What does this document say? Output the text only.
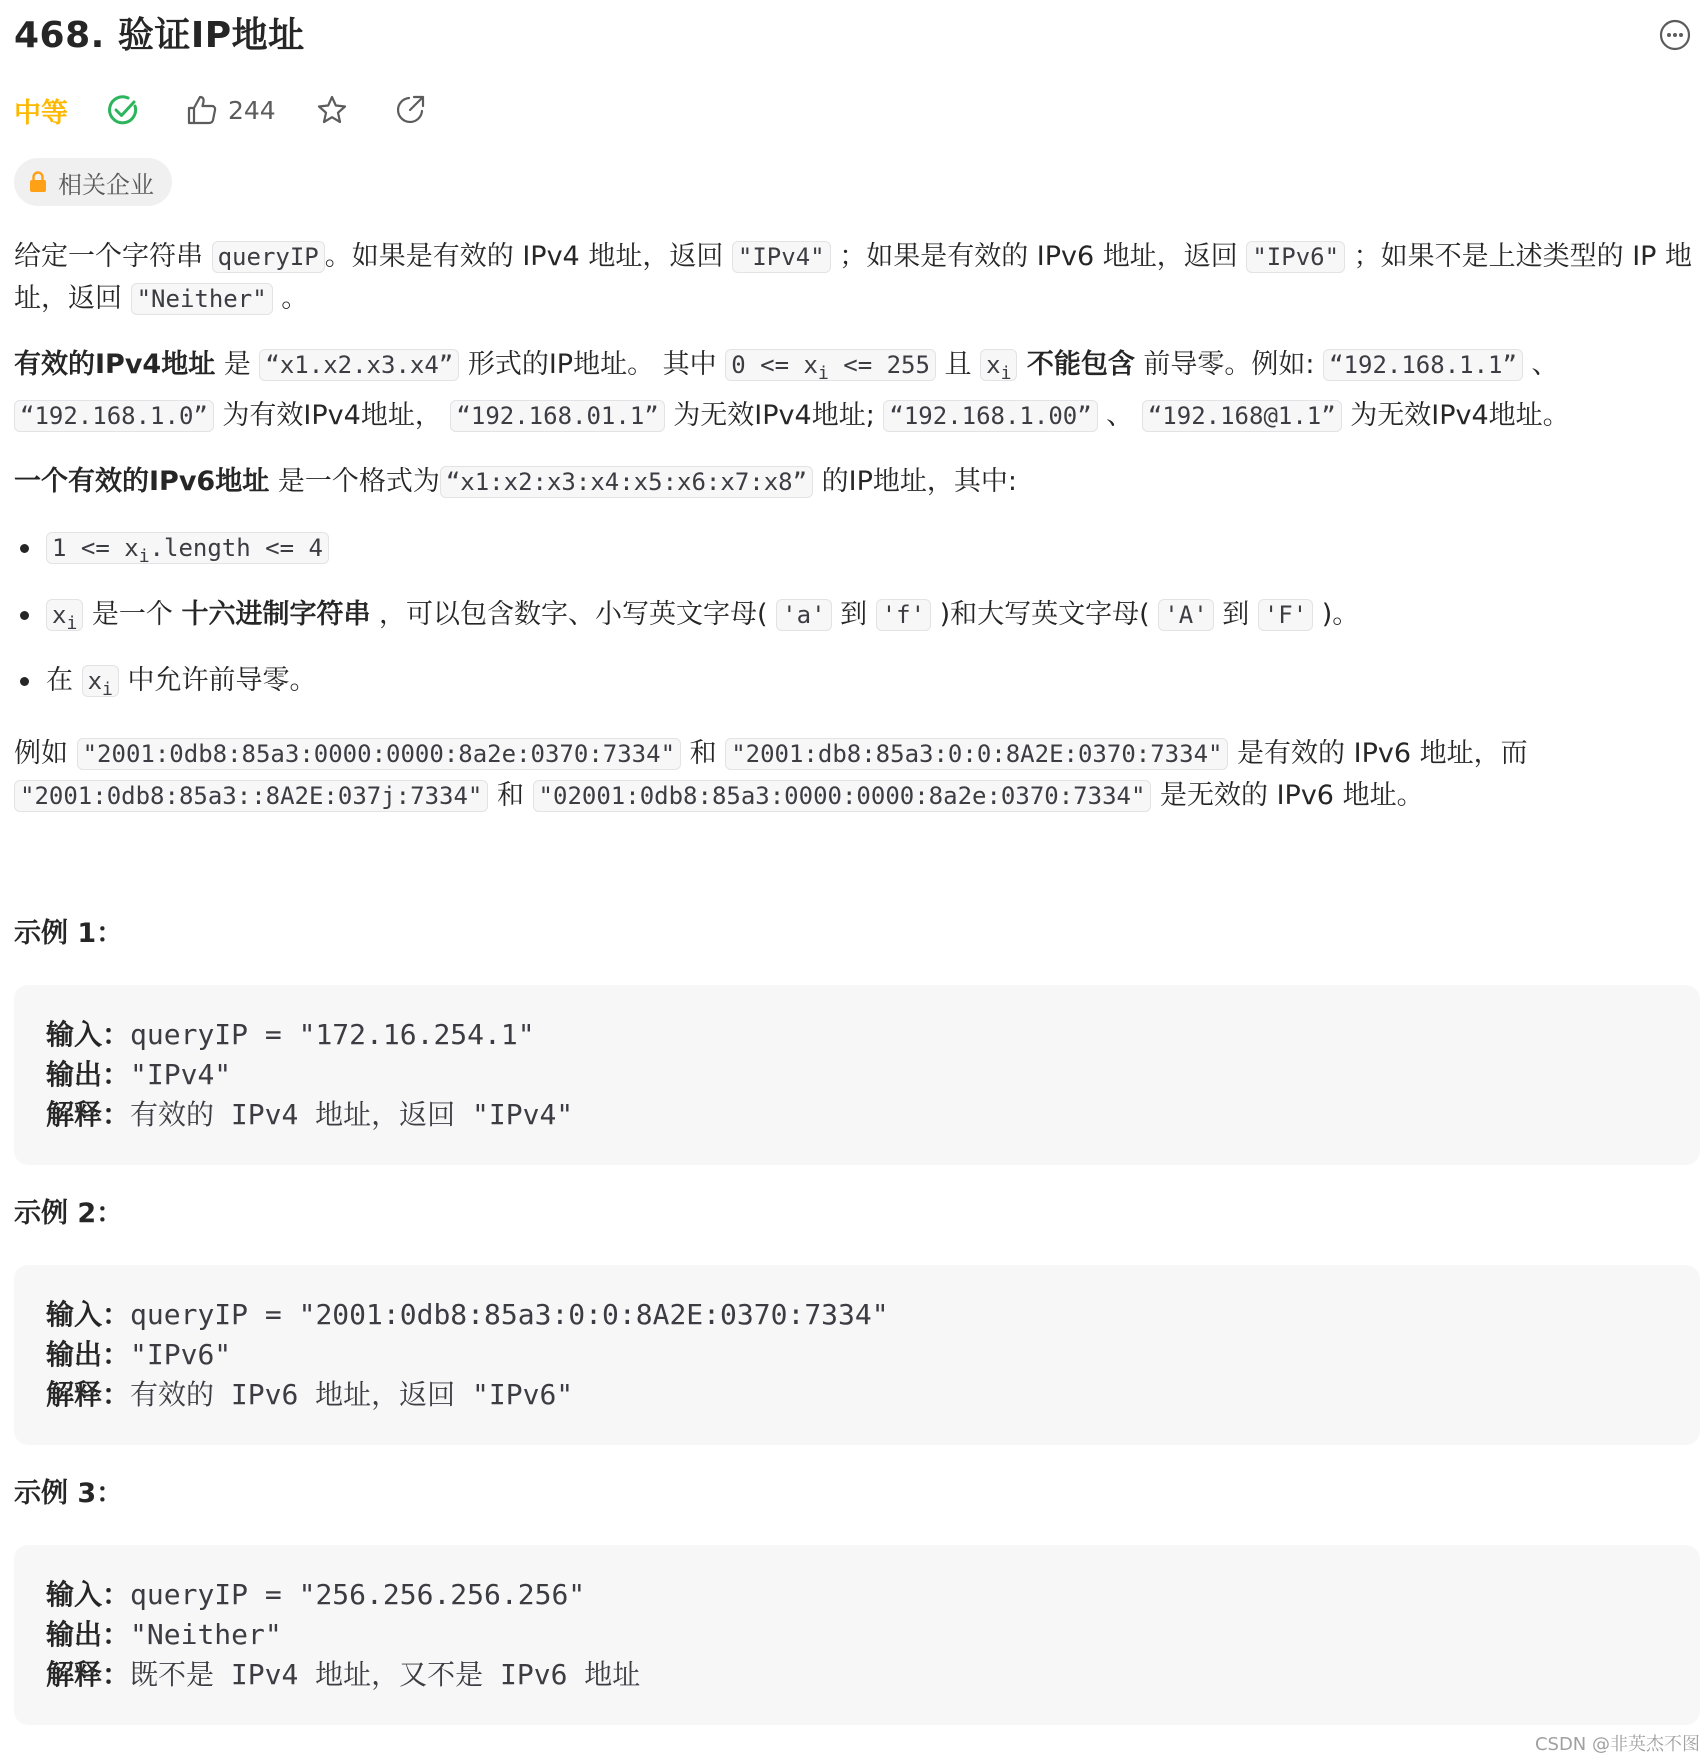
468. 验证IP地址
中等	244
相关企业

给定一个字符串 queryIP 。如果是有效的 IPv4 地址，返回 "IPv4" ；如果是有效的 IPv6 地址，返回 "IPv6" ；如果不是上述类型的 IP 地址，返回 "Neither" 。

有效的IPv4地址 是 “x1.x2.x3.x4” 形式的IP地址。 其中 $0 <= x_i <= 255$ 且 $x_i$ 不能包含 前导零。例如: “192.168.1.1” 、 “192.168.1.0” 为有效IPv4地址， “192.168.01.1” 为无效IPv4地址; “192.168.1.00” 、 “192.168@1.1” 为无效IPv4地址。

一个有效的IPv6地址 是一个格式为 “x1:x2:x3:x4:x5:x6:x7:x8” 的IP地址，其中:

$1 <= x_i.length <= 4$
$x_i$ 是一个 十六进制字符串 ，可以包含数字、小写英文字母( 'a' 到 'f' )和大写英文字母( 'A' 到 'F' )。
在 $x_i$ 中允许前导零。

例如 "2001:0db8:85a3:0000:0000:8a2e:0370:7334" 和 "2001:db8:85a3:0:0:8A2E:0370:7334" 是有效的 IPv6 地址，而 "2001:0db8:85a3::8A2E:037j:7334" 和 "02001:0db8:85a3:0000:0000:8a2e:0370:7334" 是无效的 IPv6 地址。

示例 1：

输入：queryIP = "172.16.254.1"
输出："IPv4"
解释：有效的 IPv4 地址，返回 "IPv4"

示例 2：

输入：queryIP = "2001:0db8:85a3:0:0:8A2E:0370:7334"
输出："IPv6"
解释：有效的 IPv6 地址，返回 "IPv6"

示例 3：

输入：queryIP = "256.256.256.256"
输出："Neither"
解释：既不是 IPv4 地址，又不是 IPv6 地址
CSDN @非英杰不图
